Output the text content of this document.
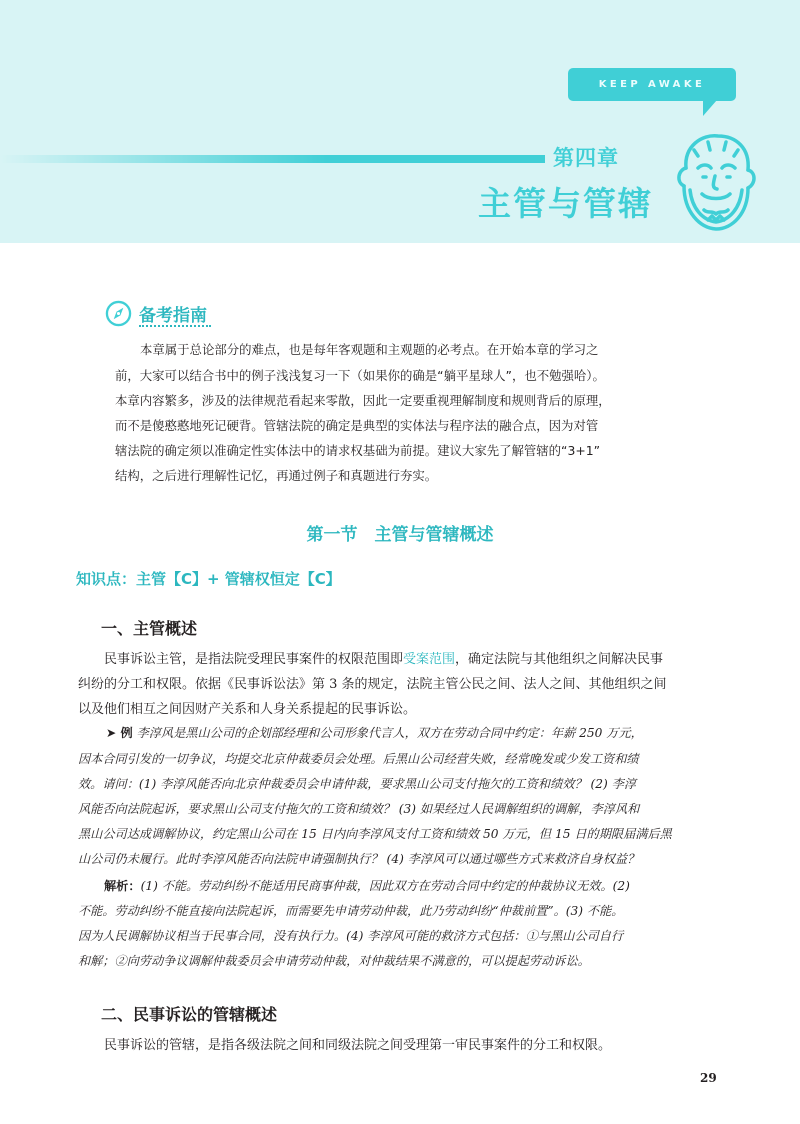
KEEP AWAKE
第四章
主管与管辖
备考指南
本章属于总论部分的难点，也是每年客观题和主观题的必考点。在开始本章的学习之
前，大家可以结合书中的例子浅浅复习一下（如果你的确是“躺平星球人”，也不勉强哈）。
本章内容繁多，涉及的法律规范看起来零散，因此一定要重视理解制度和规则背后的原理，
而不是傻憨憨地死记硬背。管辖法院的确定是典型的实体法与程序法的融合点，因为对管
辖法院的确定须以准确定性实体法中的请求权基础为前提。建议大家先了解管辖的“3+1”
结构，之后进行理解性记忆，再通过例子和真题进行夯实。
第一节　主管与管辖概述
知识点：主管【C】+ 管辖权恒定【C】
一、主管概述
民事诉讼主管，是指法院受理民事案件的权限范围即受案范围，确定法院与其他组织之间解决民事
纠纷的分工和权限。依据《民事诉讼法》第 3 条的规定，法院主管公民之间、法人之间、其他组织之间
以及他们相互之间因财产关系和人身关系提起的民事诉讼。
➤ 例 李淳风是黑山公司的企划部经理和公司形象代言人，双方在劳动合同中约定：年薪 250 万元，
因本合同引发的一切争议，均提交北京仲裁委员会处理。后黑山公司经营失败，经常晚发或少发工资和绩
效。请问：(1) 李淳风能否向北京仲裁委员会申请仲裁，要求黑山公司支付拖欠的工资和绩效？ (2) 李淳
风能否向法院起诉，要求黑山公司支付拖欠的工资和绩效？ (3) 如果经过人民调解组织的调解，李淳风和
黑山公司达成调解协议，约定黑山公司在 15 日内向李淳风支付工资和绩效 50 万元，但 15 日的期限届满后黑
山公司仍未履行。此时李淳风能否向法院申请强制执行？ (4) 李淳风可以通过哪些方式来救济自身权益？
解析：(1) 不能。劳动纠纷不能适用民商事仲裁，因此双方在劳动合同中约定的仲裁协议无效。(2)
不能。劳动纠纷不能直接向法院起诉，而需要先申请劳动仲裁，此乃劳动纠纷“仲裁前置”。(3) 不能。
因为人民调解协议相当于民事合同，没有执行力。(4) 李淳风可能的救济方式包括：①与黑山公司自行
和解；②向劳动争议调解仲裁委员会申请劳动仲裁，对仲裁结果不满意的，可以提起劳动诉讼。
二、民事诉讼的管辖概述
民事诉讼的管辖，是指各级法院之间和同级法院之间受理第一审民事案件的分工和权限。
29
